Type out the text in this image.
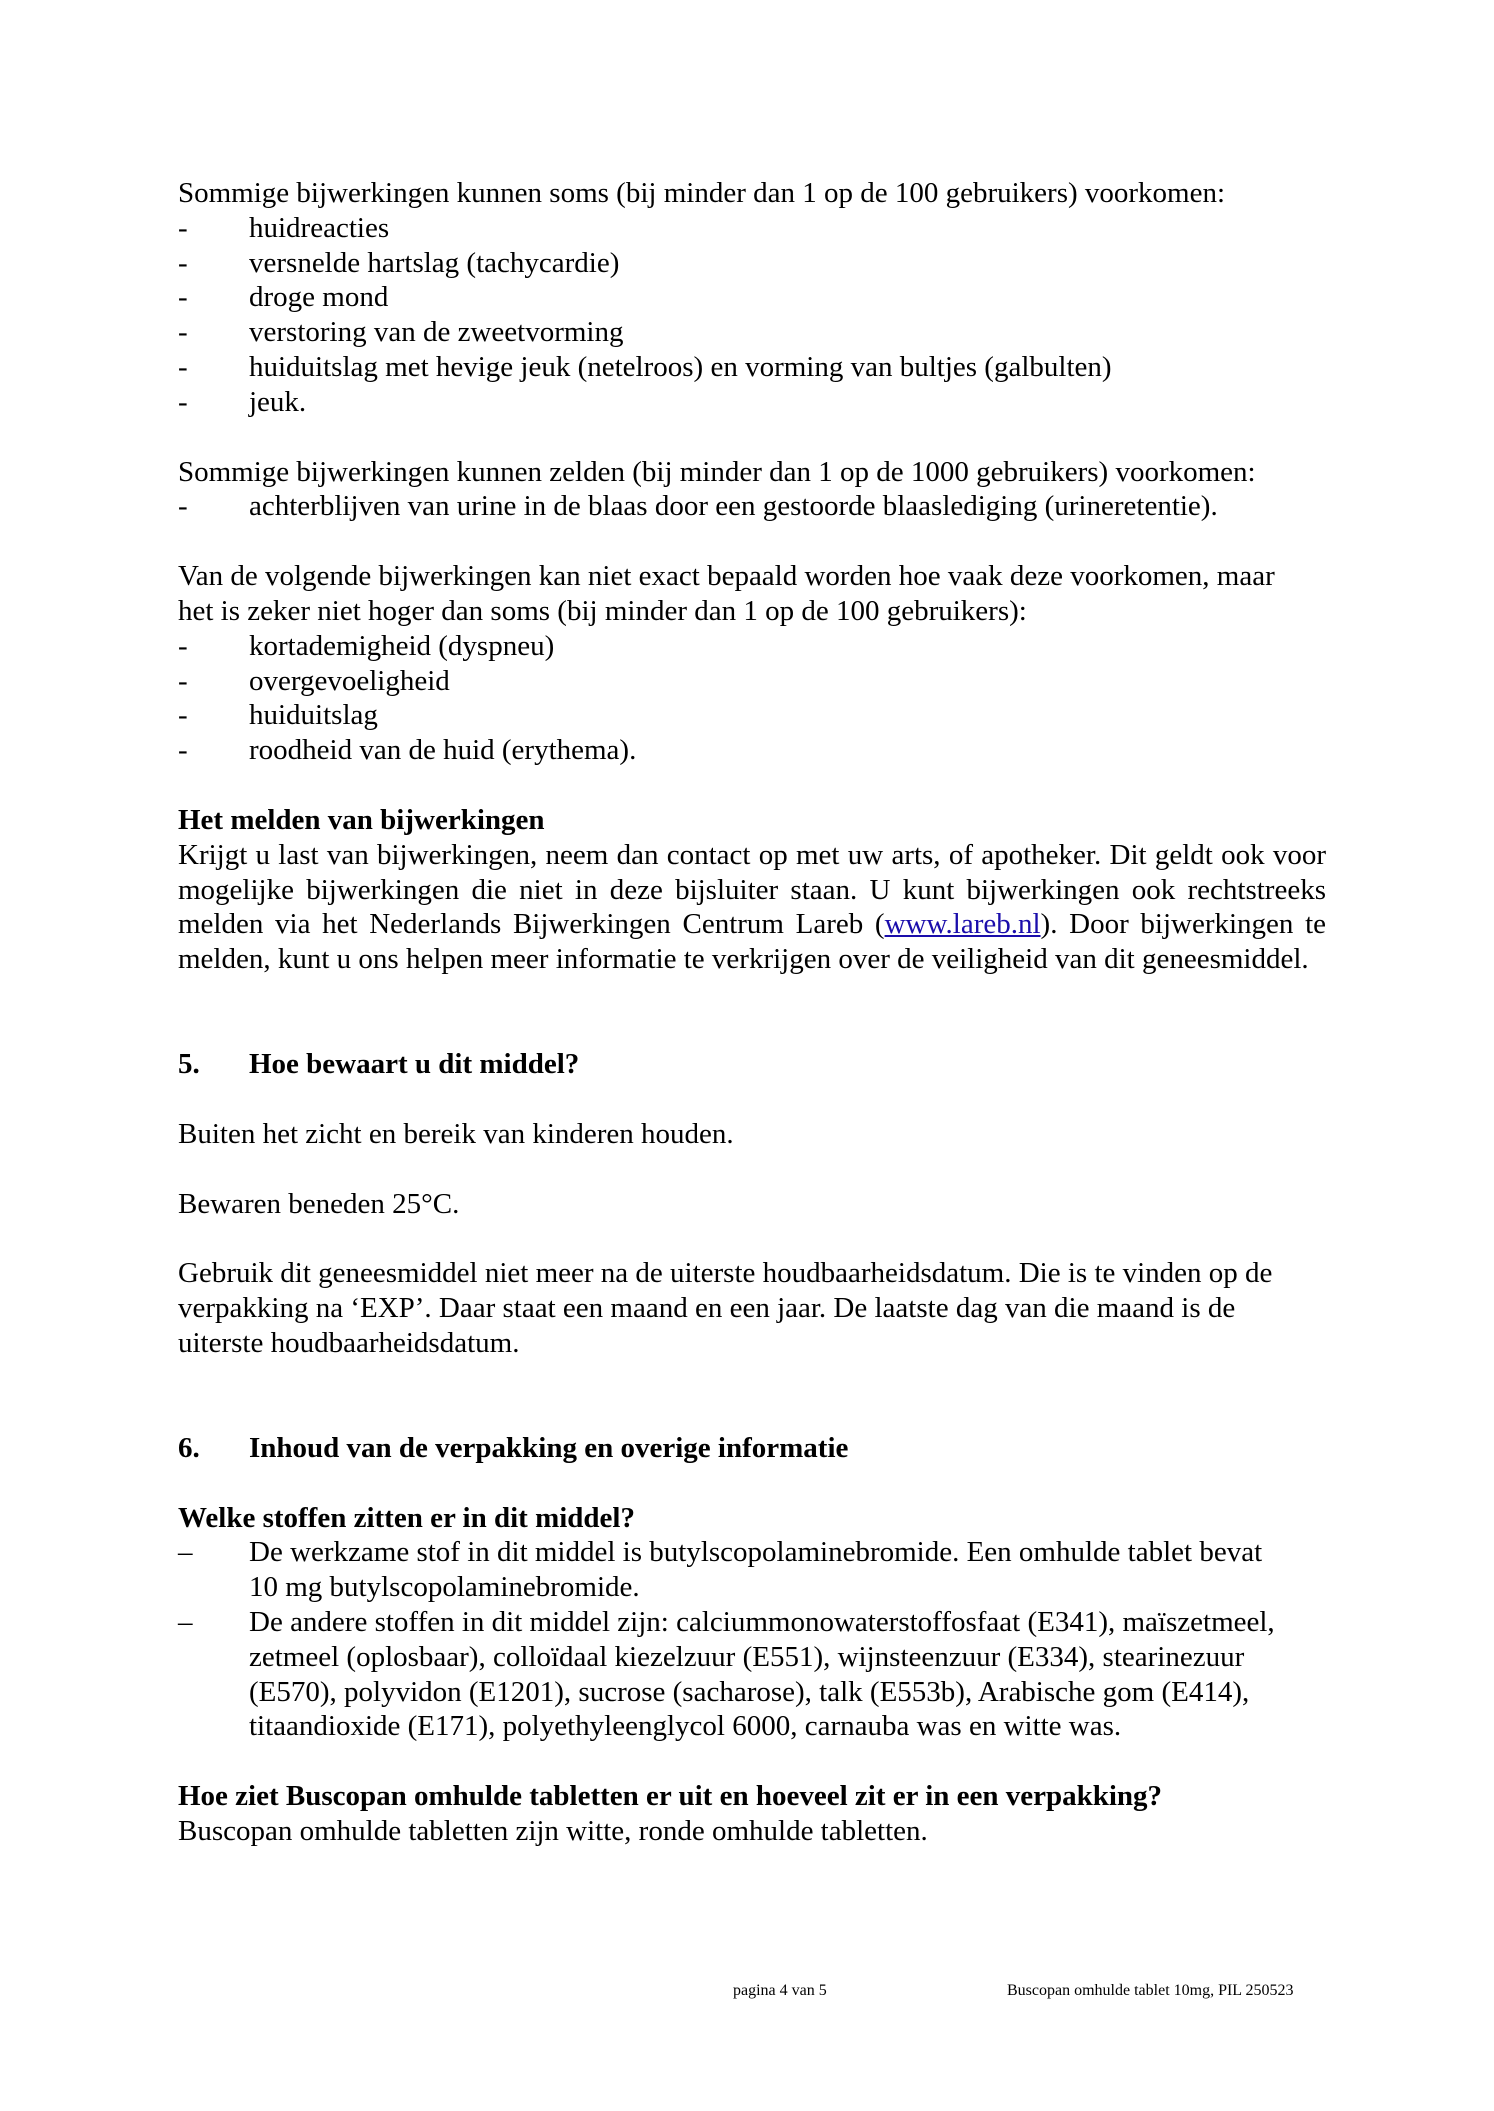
Sommige bijwerkingen kunnen soms (bij minder dan 1 op de 100 gebruikers) voorkomen:

- huidreacties
- versnelde hartslag (tachycardie)
- droge mond
- verstoring van de zweetvorming
- huiduitslag met hevige jeuk (netelroos) en vorming van bultjes (galbulten)
- jeuk.

Sommige bijwerkingen kunnen zelden (bij minder dan 1 op de 1000 gebruikers) voorkomen:

- achterblijven van urine in de blaas door een gestoorde blaaslediging (urineretentie).

Van de volgende bijwerkingen kan niet exact bepaald worden hoe vaak deze voorkomen, maar

het is zeker niet hoger dan soms (bij minder dan 1 op de 100 gebruikers):

- kortademigheid (dyspneu)
- overgevoeligheid
- huiduitslag
- roodheid van de huid (erythema).

Het melden van bijwerkingen

Krijgt u last van bijwerkingen, neem dan contact op met uw arts, of apotheker. Dit geldt ook voor mogelijke bijwerkingen die niet in deze bijsluiter staan. U kunt bijwerkingen ook rechtstreeks melden via het Nederlands Bijwerkingen Centrum Lareb (www.lareb.nl). Door bijwerkingen te melden, kunt u ons helpen meer informatie te verkrijgen over de veiligheid van dit geneesmiddel.

5. Hoe bewaart u dit middel?

Buiten het zicht en bereik van kinderen houden.

Bewaren beneden 25°C.

Gebruik dit geneesmiddel niet meer na de uiterste houdbaarheidsdatum. Die is te vinden op de

verpakking na ‘EXP’. Daar staat een maand en een jaar. De laatste dag van die maand is de

uiterste houdbaarheidsdatum.

6. Inhoud van de verpakking en overige informatie

Welke stoffen zitten er in dit middel?

– De werkzame stof in dit middel is butylscopolaminebromide. Een omhulde tablet bevat
10 mg butylscopolaminebromide.
– De andere stoffen in dit middel zijn: calciummonowaterstoffosfaat (E341), maïszetmeel,
zetmeel (oplosbaar), colloïdaal kiezelzuur (E551), wijnsteenzuur (E334), stearinezuur
(E570), polyvidon (E1201), sucrose (sacharose), talk (E553b), Arabische gom (E414),
titaandioxide (E171), polyethyleenglycol 6000, carnauba was en witte was.

Hoe ziet Buscopan omhulde tabletten er uit en hoeveel zit er in een verpakking?

Buscopan omhulde tabletten zijn witte, ronde omhulde tabletten.

pagina 4 van 5	Buscopan omhulde tablet 10mg, PIL 250523
